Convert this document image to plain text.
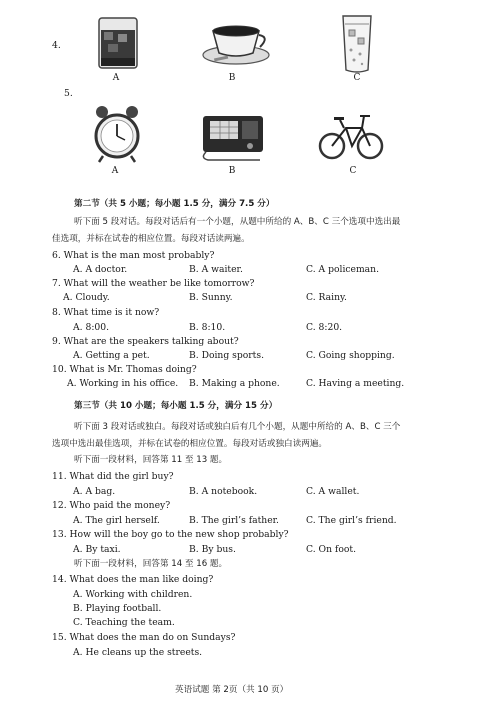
4.
A	B	C
5.
A	B	C
第二节（共 5 小题；每小题 1.5 分，满分 7.5 分）
听下面 5 段对话。每段对话后有一个小题，从题中所给的 A、B、C 三个选项中选出最
佳选项，并标在试卷的相应位置。每段对话读两遍。
6. What is the man most probably?
A. A doctor.	B. A waiter.	C. A policeman.
7. What will the weather be like tomorrow?
A. Cloudy.	B. Sunny.	C. Rainy.
8. What time is it now?
A. 8:00.	B. 8:10.	C. 8:20.
9. What are the speakers talking about?
A. Getting a pet.	B. Doing sports.	C. Going shopping.
10. What is Mr. Thomas doing?
A. Working in his office. B. Making a phone.	C. Having a meeting.
第三节（共 10 小题；每小题 1.5 分，满分 15 分）
听下面 3 段对话或独白。每段对话或独白后有几个小题，从题中所给的 A、B、C 三个
选项中选出最佳选项，并标在试卷的相应位置。每段对话或独白读两遍。
听下面一段材料，回答第 11 至 13 题。
11. What did the girl buy?
A. A bag.	B. A notebook.	C. A wallet.
12. Who paid the money?
A. The girl herself.	B. The girl’s father.	C. The girl’s friend.
13. How will the boy go to the new shop probably?
A. By taxi.	B. By bus.	C. On foot.
听下面一段材料，回答第 14 至 16 题。
14. What does the man like doing?
A. Working with children.
B. Playing football.
C. Teaching the team.
15. What does the man do on Sundays?
A. He cleans up the streets.
英语试题 第 2页（共 10 页）
